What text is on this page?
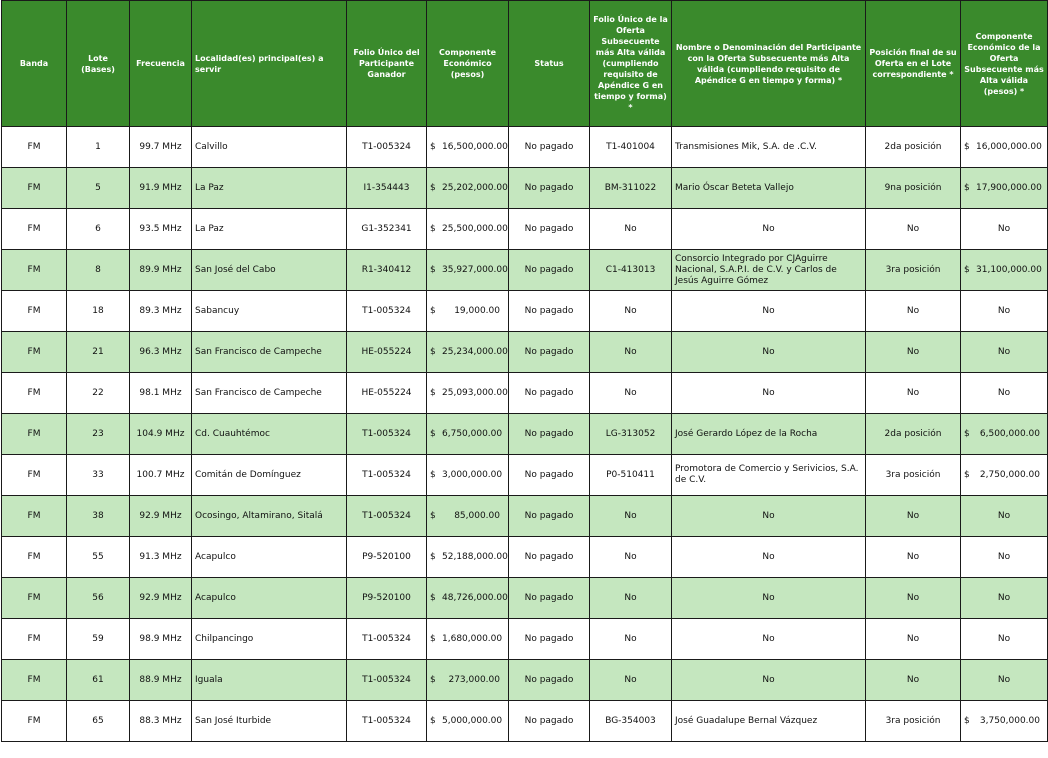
Banda	Lote (Bases)	Frecuencia	Localidad(es) principal(es) a servir	Folio Único del Participante Ganador	Componente Económico (pesos)	Status	Folio Único de la Oferta Subsecuente más Alta válida (cumpliendo requisito de Apéndice G en tiempo y forma) *	Nombre o Denominación del Participante con la Oferta Subsecuente más Alta válida (cumpliendo requisito de Apéndice G en tiempo y forma) *	Posición final de su Oferta en el Lote correspondiente *	Componente Económico de la Oferta Subsecuente más Alta válida (pesos) *
FM	1	99.7 MHz	Calvillo	T1-005324	$ 16,500,000.00	No pagado	T1-401004	Transmisiones Mik, S.A. de .C.V.	2da posición	$ 16,000,000.00
FM	5	91.9 MHz	La Paz	I1-354443	$ 25,202,000.00	No pagado	BM-311022	Mario Óscar Beteta Vallejo	9na posición	$ 17,900,000.00
FM	6	93.5 MHz	La Paz	G1-352341	$ 25,500,000.00	No pagado	No	No	No	No
FM	8	89.9 MHz	San José del Cabo	R1-340412	$ 35,927,000.00	No pagado	C1-413013	Consorcio Integrado por CJAguirre Nacional, S.A.P.I. de C.V. y Carlos de Jesús Aguirre Gómez	3ra posición	$ 31,100,000.00
FM	18	89.3 MHz	Sabancuy	T1-005324	$ 19,000.00	No pagado	No	No	No	No
FM	21	96.3 MHz	San Francisco de Campeche	HE-055224	$ 25,234,000.00	No pagado	No	No	No	No
FM	22	98.1 MHz	San Francisco de Campeche	HE-055224	$ 25,093,000.00	No pagado	No	No	No	No
FM	23	104.9 MHz	Cd. Cuauhtémoc	T1-005324	$ 6,750,000.00	No pagado	LG-313052	José Gerardo López de la Rocha	2da posición	$ 6,500,000.00
FM	33	100.7 MHz	Comitán de Domínguez	T1-005324	$ 3,000,000.00	No pagado	P0-510411	Promotora de Comercio y Serivicios, S.A. de C.V.	3ra posición	$ 2,750,000.00
FM	38	92.9 MHz	Ocosingo, Altamirano, Sitalá	T1-005324	$ 85,000.00	No pagado	No	No	No	No
FM	55	91.3 MHz	Acapulco	P9-520100	$ 52,188,000.00	No pagado	No	No	No	No
FM	56	92.9 MHz	Acapulco	P9-520100	$ 48,726,000.00	No pagado	No	No	No	No
FM	59	98.9 MHz	Chilpancingo	T1-005324	$ 1,680,000.00	No pagado	No	No	No	No
FM	61	88.9 MHz	Iguala	T1-005324	$ 273,000.00	No pagado	No	No	No	No
FM	65	88.3 MHz	San José Iturbide	T1-005324	$ 5,000,000.00	No pagado	BG-354003	José Guadalupe Bernal Vázquez	3ra posición	$ 3,750,000.00
